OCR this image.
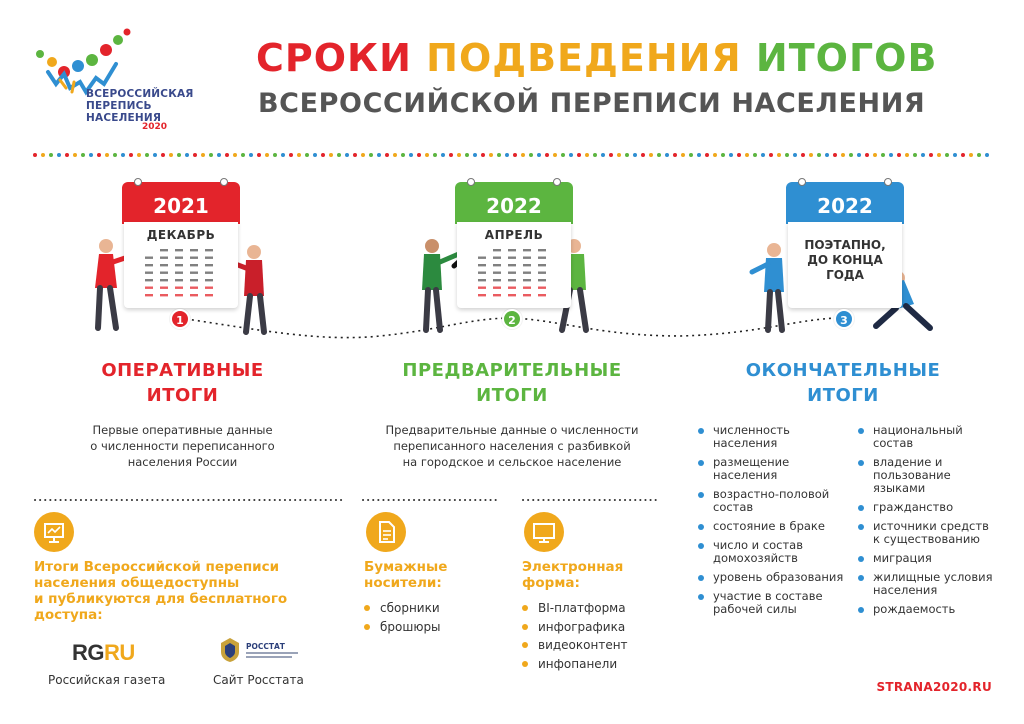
ВСЕРОССИЙСКАЯ
ПЕРЕПИСЬ
НАСЕЛЕНИЯ
2020
СРОКИ ПОДВЕДЕНИЯ ИТОГОВ
ВСЕРОССИЙСКОЙ ПЕРЕПИСИ НАСЕЛЕНИЯ
2021
ДЕКАБРЬ
1
2022
АПРЕЛЬ
2
2022
ПОЭТАПНО,
ДО КОНЦА
ГОДА
3
ОПЕРАТИВНЫЕ
ИТОГИ
ПРЕДВАРИТЕЛЬНЫЕ
ИТОГИ
ОКОНЧАТЕЛЬНЫЕ
ИТОГИ
Первые оперативные данные
о численности переписанного
населения России
Предварительные данные о численности
переписанного населения с разбивкой
на городское и сельское население
численность населения
размещение населения
возрастно-половой состав
состояние в браке
число и состав домохозяйств
уровень образования
участие в составе рабочей силы
национальный состав
владение и пользование языками
гражданство
источники средств к существованию
миграция
жилищные условия населения
рождаемость
Итоги Всероссийской переписи
населения общедоступны
и публикуются для бесплатного
доступа:
RGRU
Российская газета
РОССТАТ
Сайт Росстата
Бумажные
носители:
сборники
брошюры
Электронная
форма:
BI-платформа
инфографика
видеоконтент
инфопанели
STRANA2020.RU
